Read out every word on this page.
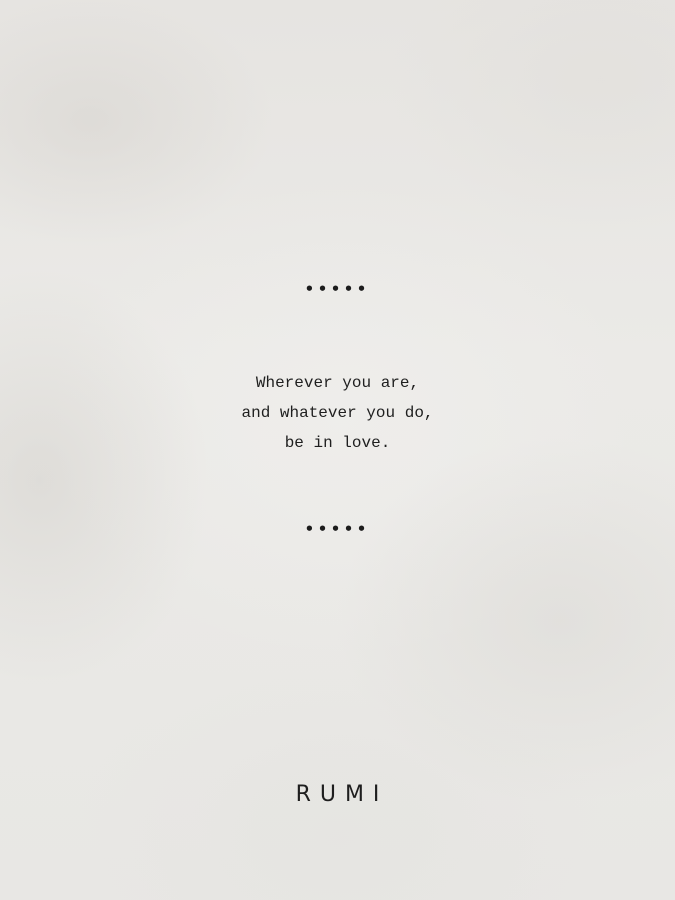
•••••
Wherever you are,
and whatever you do,
be in love.
•••••
RUMI
